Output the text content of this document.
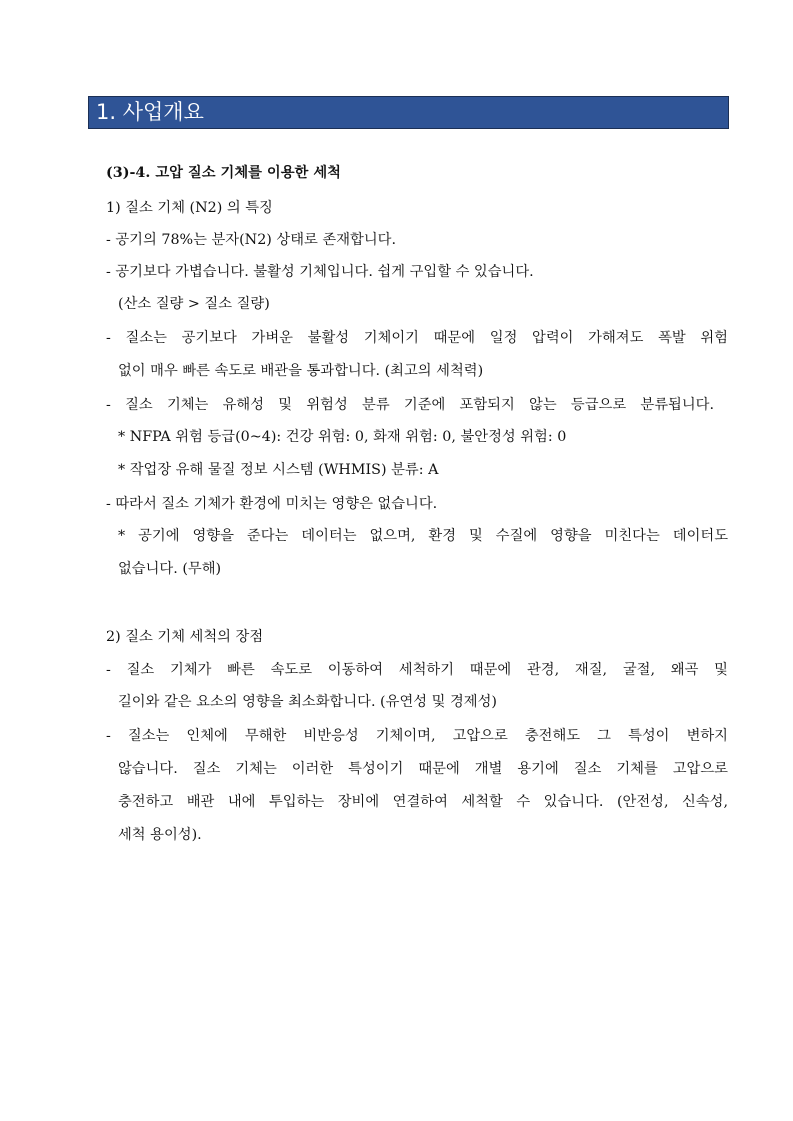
1. 사업개요
(3)-4. 고압 질소 기체를 이용한 세척
1) 질소 기체 (N2) 의 특징
- 공기의 78%는 분자(N2) 상태로 존재합니다.
- 공기보다 가볍습니다. 불활성 기체입니다. 쉽게 구입할 수 있습니다.
(산소 질량 > 질소 질량)
- 질소는 공기보다 가벼운 불활성 기체이기 때문에 일정 압력이 가해져도 폭발 위험
없이 매우 빠른 속도로 배관을 통과합니다. (최고의 세척력)
- 질소 기체는 유해성 및 위험성 분류 기준에 포함되지 않는 등급으로 분류됩니다.
* NFPA 위험 등급(0~4): 건강 위험: 0, 화재 위험: 0, 불안정성 위험: 0
* 작업장 유해 물질 정보 시스템 (WHMIS) 분류: A
- 따라서 질소 기체가 환경에 미치는 영향은 없습니다.
* 공기에 영향을 준다는 데이터는 없으며, 환경 및 수질에 영향을 미친다는 데이터도
없습니다. (무해)
2) 질소 기체 세척의 장점
- 질소 기체가 빠른 속도로 이동하여 세척하기 때문에 관경, 재질, 굴절, 왜곡 및
길이와 같은 요소의 영향을 최소화합니다. (유연성 및 경제성)
- 질소는 인체에 무해한 비반응성 기체이며, 고압으로 충전해도 그 특성이 변하지
않습니다. 질소 기체는 이러한 특성이기 때문에 개별 용기에 질소 기체를 고압으로
충전하고 배관 내에 투입하는 장비에 연결하여 세척할 수 있습니다. (안전성, 신속성,
세척 용이성).
